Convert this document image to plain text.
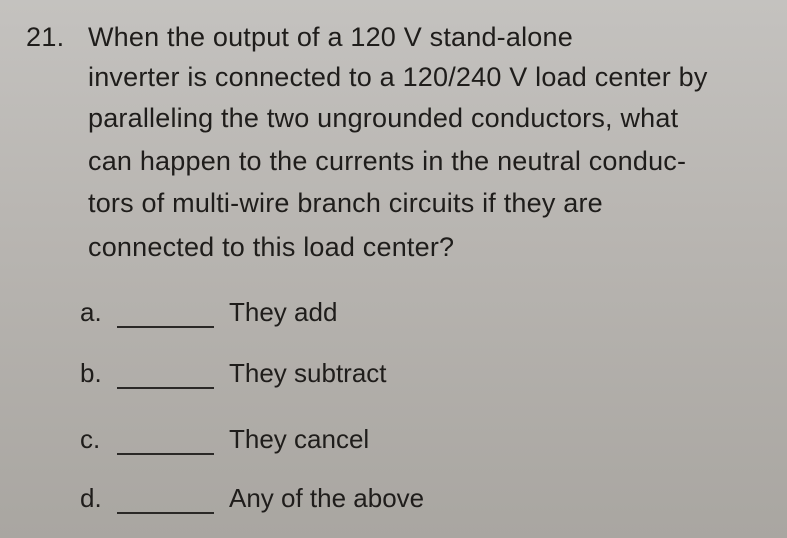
21. When the output of a 120 V stand-alone
inverter is connected to a 120/240 V load center by
paralleling the two ungrounded conductors, what
can happen to the currents in the neutral conduc-
tors of multi-wire branch circuits if they are
connected to this load center?
a.	They add
b.	They subtract
c.	They cancel
d.	Any of the above
